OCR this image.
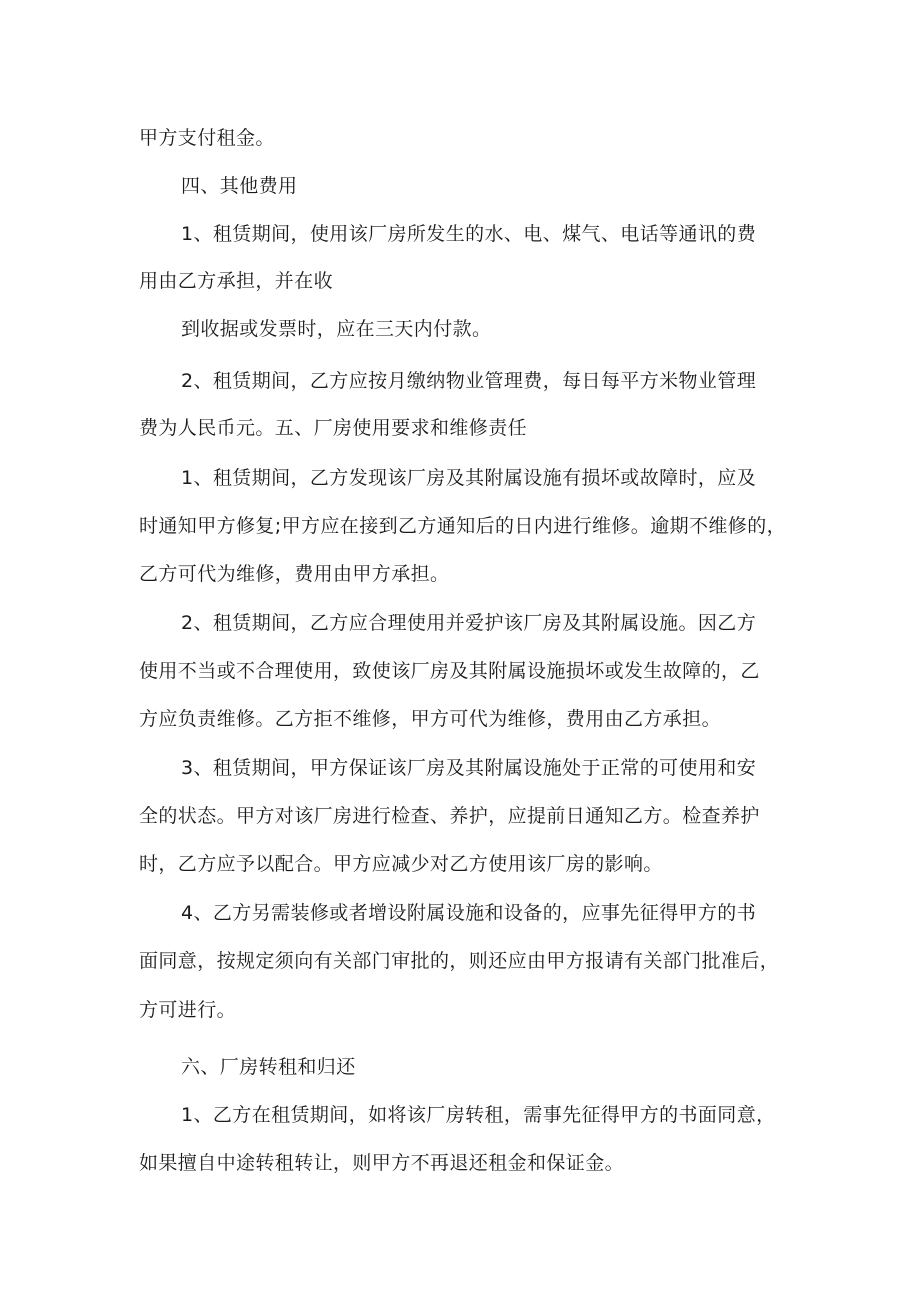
甲方支付租金。
四、其他费用
1、租赁期间，使用该厂房所发生的水、电、煤气、电话等通讯的费
用由乙方承担，并在收
到收据或发票时，应在三天内付款。
2、租赁期间，乙方应按月缴纳物业管理费，每日每平方米物业管理
费为人民币元。五、厂房使用要求和维修责任
1、租赁期间，乙方发现该厂房及其附属设施有损坏或故障时，应及
时通知甲方修复;甲方应在接到乙方通知后的日内进行维修。逾期不维修的，
乙方可代为维修，费用由甲方承担。
2、租赁期间，乙方应合理使用并爱护该厂房及其附属设施。因乙方
使用不当或不合理使用，致使该厂房及其附属设施损坏或发生故障的，乙
方应负责维修。乙方拒不维修，甲方可代为维修，费用由乙方承担。
3、租赁期间，甲方保证该厂房及其附属设施处于正常的可使用和安
全的状态。甲方对该厂房进行检查、养护，应提前日通知乙方。检查养护
时，乙方应予以配合。甲方应减少对乙方使用该厂房的影响。
4、乙方另需装修或者增设附属设施和设备的，应事先征得甲方的书
面同意，按规定须向有关部门审批的，则还应由甲方报请有关部门批准后，
方可进行。
六、厂房转租和归还
1、乙方在租赁期间，如将该厂房转租，需事先征得甲方的书面同意，
如果擅自中途转租转让，则甲方不再退还租金和保证金。
